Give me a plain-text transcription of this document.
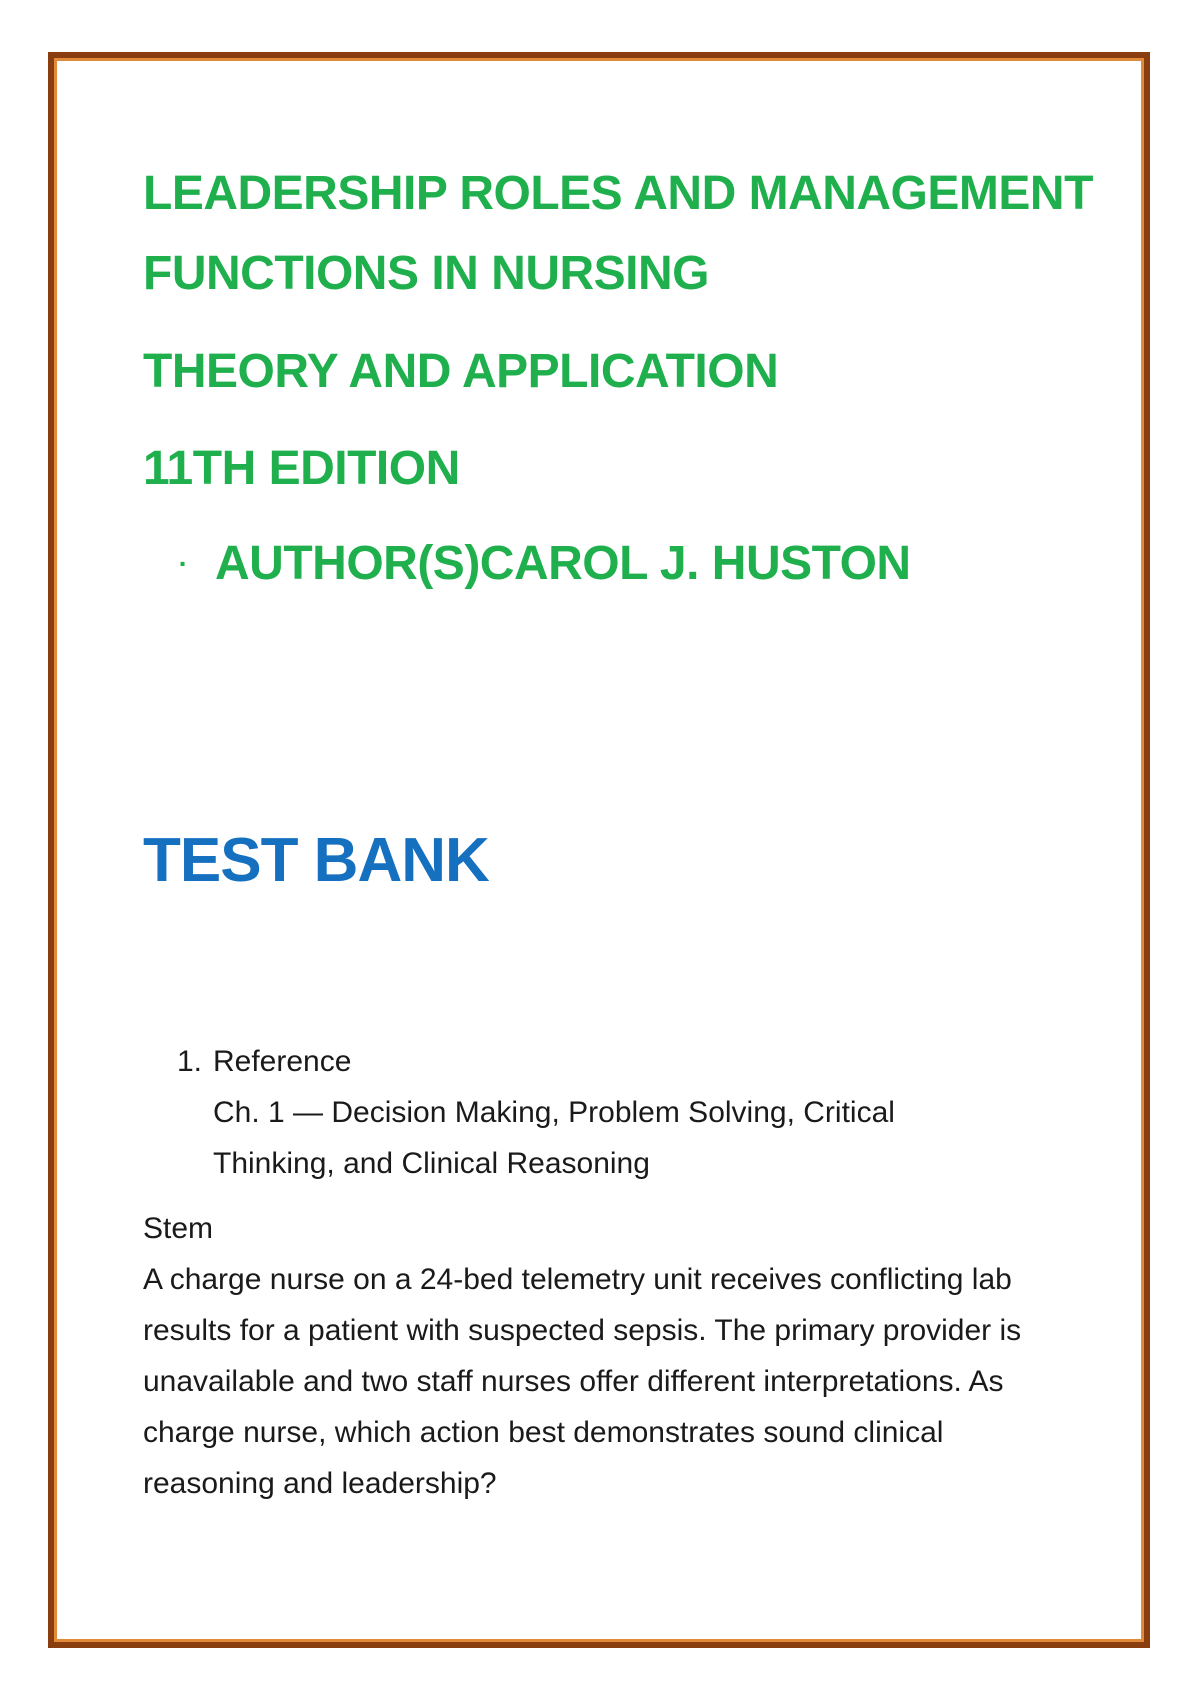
LEADERSHIP ROLES AND MANAGEMENT
FUNCTIONS IN NURSING
THEORY AND APPLICATION
11TH EDITION
· AUTHOR(S)CAROL J. HUSTON
TEST BANK
1. Reference
Ch. 1 — Decision Making, Problem Solving, Critical Thinking, and Clinical Reasoning
Stem

A charge nurse on a 24-bed telemetry unit receives conflicting lab results for a patient with suspected sepsis. The primary provider is unavailable and two staff nurses offer different interpretations. As charge nurse, which action best demonstrates sound clinical reasoning and leadership?
